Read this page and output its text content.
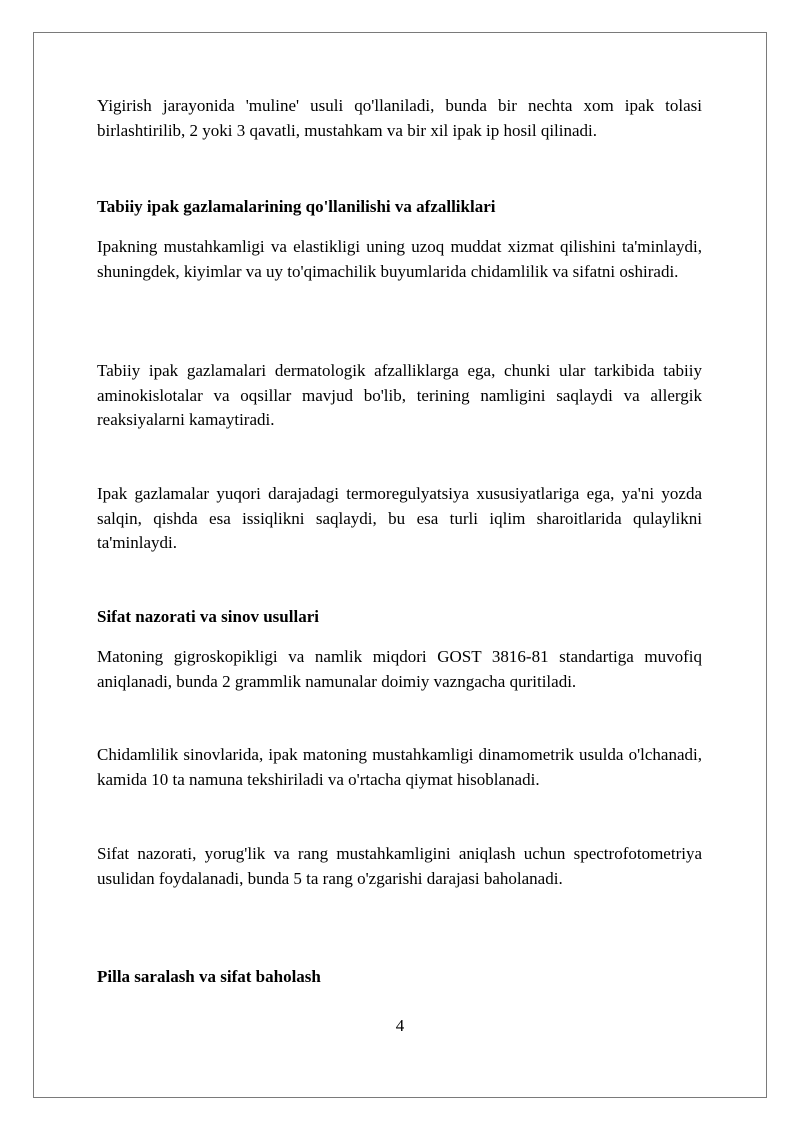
Yigirish jarayonida 'muline' usuli qo'llaniladi, bunda bir nechta xom ipak tolasi birlashtirilib, 2 yoki 3 qavatli, mustahkam va bir xil ipak ip hosil qilinadi.

Tabiiy ipak gazlamalarining qo'llanilishi va afzalliklari

Ipakning mustahkamligi va elastikligi uning uzoq muddat xizmat qilishini ta'minlaydi, shuningdek, kiyimlar va uy to'qimachilik buyumlarida chidamlilik va sifatni oshiradi.

Tabiiy ipak gazlamalari dermatologik afzalliklarga ega, chunki ular tarkibida tabiiy aminokislotalar va oqsillar mavjud bo'lib, terining namligini saqlaydi va allergik reaksiyalarni kamaytiradi.

Ipak gazlamalar yuqori darajadagi termoregulyatsiya xususiyatlariga ega, ya'ni yozda salqin, qishda esa issiqlikni saqlaydi, bu esa turli iqlim sharoitlarida qulaylikni ta'minlaydi.

Sifat nazorati va sinov usullari

Matoning gigroskopikligi va namlik miqdori GOST 3816-81 standartiga muvofiq aniqlanadi, bunda 2 grammlik namunalar doimiy vazngacha quritiladi.

Chidamlilik sinovlarida, ipak matoning mustahkamligi dinamometrik usulda o'lchanadi, kamida 10 ta namuna tekshiriladi va o'rtacha qiymat hisoblanadi.

Sifat nazorati, yorug'lik va rang mustahkamligini aniqlash uchun spectrofotometriya usulidan foydalanadi, bunda 5 ta rang o'zgarishi darajasi baholanadi.

Pilla saralash va sifat baholash
4
